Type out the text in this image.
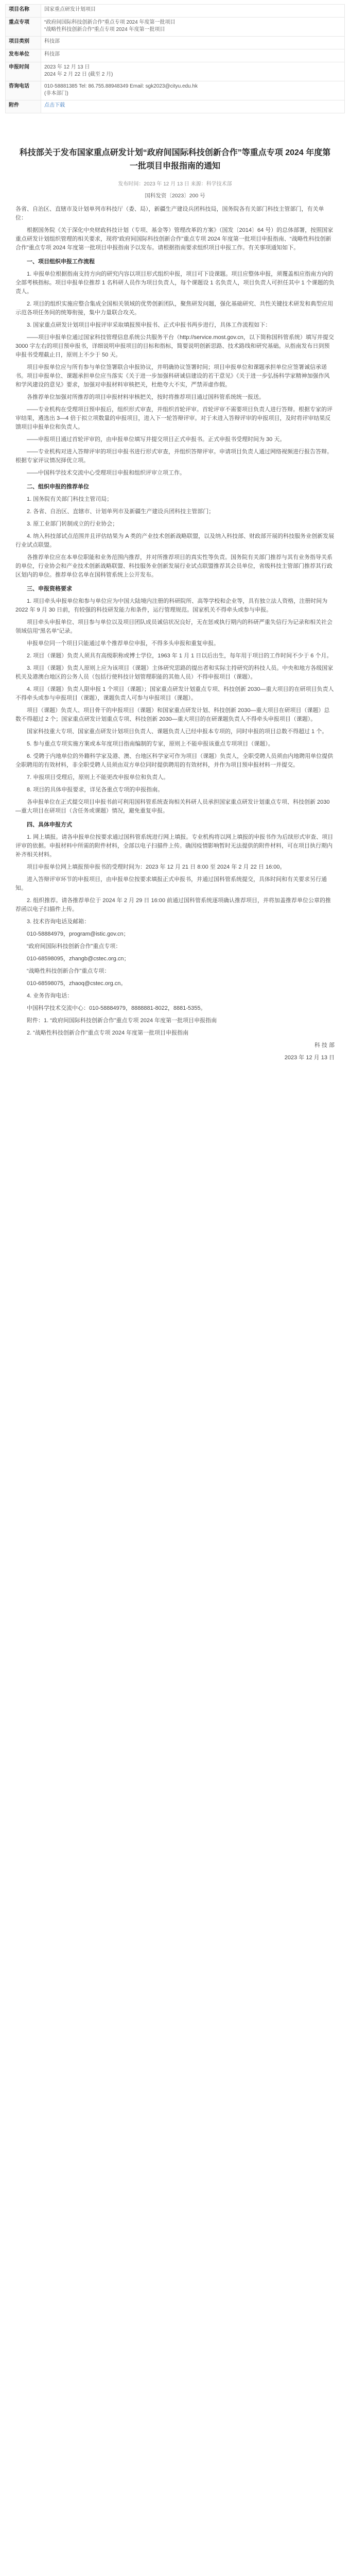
项目名称	国家重点研发计划项目
重点专项	“政府间国际科技创新合作”重点专项 2024 年度第一批项目
“战略性科技创新合作”重点专项 2024 年度第一批项目
项目类别	科技部
发布单位	科技部
申报时间	2023 年 12 月 13 日
2024 年 2 月 22 日 (截至 2 月)
咨询电话	010-58881385 Tel: 86.755.88948349 Email: sgk2023@cityu.edu.hk
(非本部门)
附件	点击下载
科技部关于发布国家重点研发计划“政府间国际科技创新合作”等重点专项 2024 年度第一批项目申报指南的通知
发布时间：2023 年 12 月 13 日 来源：科学技术部
国科发资〔2023〕200 号

各省、自治区、直辖市及计划单列市科技厅（委、局），新疆生产建设兵团科技局，国务院各有关部门科技主管部门，有关单位：

根据国务院《关于深化中央财政科技计划（专项、基金等）管理改革的方案》（国发〔2014〕64 号）的总体部署，按照国家重点研发计划组织管理的相关要求，现将“政府间国际科技创新合作”重点专项 2024 年度第一批项目申报指南、“战略性科技创新合作”重点专项 2024 年度第一批项目申报指南予以发布。请根据指南要求组织项目申报工作。有关事项通知如下。

一、项目组织申报工作流程

1. 申报单位根据指南支持方向的研究内容以项目形式组织申报，项目可下设课题。项目应整体申报，须覆盖相应指南方向的全部考核指标。项目申报单位推荐 1 名科研人员作为项目负责人，每个课题设 1 名负责人，项目负责人可担任其中 1 个课题的负责人。

2. 项目的组织实施应整合集成全国相关领域的优势创新团队，聚焦研发问题，强化基础研究、共性关键技术研发和典型应用示范各项任务间的统筹衔接，集中力量联合攻关。

3. 国家重点研发计划项目申报评审采取填报预申报书、正式申报书两步进行，具体工作流程如下：

——项目申报单位通过国家科技管理信息系统公共服务平台（http://service.most.gov.cn，以下简称国科管系统）填写并提交 3000 字左右的项目预申报书，详细说明申报项目的目标和指标，简要说明创新思路、技术路线和研究基础。从指南发布日到预申报书受理截止日，原则上不少于 50 天。

项目申报单位应与所有参与单位签署联合申报协议，并明确协议签署时间；项目申报单位和课题承担单位应签署诚信承诺书。项目申报单位、课题承担单位应当落实《关于进一步加强科研诚信建设的若干意见》《关于进一步弘扬科学家精神加强作风和学风建设的意见》要求，加强对申报材料审核把关，杜绝夸大不实，严禁弄虚作假。

各推荐单位加强对所推荐的项目申报材料审核把关，按时将推荐项目通过国科管系统统一报送。

——专业机构在受理项目预申报后，组织形式审查，并组织首轮评审。首轮评审不需要项目负责人进行答辩。根据专家的评审结果，遴选出 3—4 倍于拟立项数量的申报项目，进入下一轮答辩评审。对于未进入答辩评审的申报项目，及时将评审结果反馈项目申报单位和负责人。

——申报项目通过首轮评审的，由申报单位填写并提交项目正式申报书。正式申报书受理时间为 30 天。

——专业机构对进入答辩评审的项目申报书进行形式审查，并组织答辩评审。申请项目负责人通过网络视频进行报告答辩。根据专家评议情况择优立项。

——中国科学技术交流中心受理项目申报和组织评审立项工作。

二、组织申报的推荐单位

1. 国务院有关部门科技主管司局；

2. 各省、自治区、直辖市、计划单列市及新疆生产建设兵团科技主管部门；

3. 原工业部门转制成立的行业协会；

4. 纳入科技部试点范围并且评估结果为 A 类的产业技术创新战略联盟，以及纳入科技部、财政部开展的科技服务业创新发展行业试点联盟。

各推荐单位应在本单位职能和业务范围内推荐，并对所推荐项目的真实性等负责。国务院有关部门推荐与其有业务指导关系的单位，行业协会和产业技术创新战略联盟、科技服务业创新发展行业试点联盟推荐其会员单位，省级科技主管部门推荐其行政区划内的单位。推荐单位名单在国科管系统上公开发布。

三、申报资格要求

1. 项目牵头申报单位和参与单位应为中国大陆境内注册的科研院所、高等学校和企业等，具有独立法人资格，注册时间为 2022 年 9 月 30 日前，有较强的科技研发能力和条件，运行管理规范。国家机关不得牵头或参与申报。

项目牵头申报单位、项目参与单位以及项目团队成员诚信状况良好，无在惩戒执行期内的科研严重失信行为记录和相关社会领域信用“黑名单”记录。

申报单位同一个项目只能通过单个推荐单位申报，不得多头申报和重复申报。

2. 项目（课题）负责人须具有高级职称或博士学位，1963 年 1 月 1 日以后出生，每年用于项目的工作时间不少于 6 个月。

3. 项目（课题）负责人原则上应为该项目（课题）主体研究思路的提出者和实际主持研究的科技人员。中央和地方各级国家机关及港澳台地区的公务人员（包括行使科技计划管理职能的其他人员）不得申报项目（课题）。

4. 项目（课题）负责人限申报 1 个项目（课题）；国家重点研发计划重点专项、科技创新 2030—重大项目的在研项目负责人不得牵头或参与申报项目（课题），课题负责人可参与申报项目（课题）。

项目（课题）负责人、项目骨干的申报项目（课题）和国家重点研发计划、科技创新 2030—重大项目在研项目（课题）总数不得超过 2 个；国家重点研发计划重点专项、科技创新 2030—重大项目的在研课题负责人不得牵头申报项目（课题）。

国家科技重大专项、国家重点研发计划项目负责人、课题负责人已经申报本专项的，同时申报的项目总数不得超过 1 个。

5. 参与重点专项实施方案或本年度项目指南编制的专家，原则上不能申报该重点专项项目（课题）。

6. 受聘于内地单位的外籍科学家及港、澳、台地区科学家可作为项目（课题）负责人，全职受聘人员须由内地聘用单位提供全职聘用的有效材料，非全职受聘人员须由双方单位同时提供聘用的有效材料，并作为项目预申报材料一并提交。

7. 申报项目受理后，原则上不能更改申报单位和负责人。

8. 项目的具体申报要求，详见各重点专项的申报指南。

各申报单位在正式提交项目申报书前可利用国科管系统查询相关科研人员承担国家重点研发计划重点专项、科技创新 2030—重大项目在研项目（含任务或课题）情况，避免重复申报。

四、具体申报方式

1. 网上填报。请各申报单位按要求通过国科管系统进行网上填报。专业机构将以网上填报的申报书作为后续形式审查、项目评审的依据。申报材料中所需的附件材料，全部以电子扫描件上传。确因疫情影响暂时无法提供的附件材料，可在项目执行期内补齐相关材料。

项目申报单位网上填报预申报书的受理时间为：2023 年 12 月 21 日 8:00 至 2024 年 2 月 22 日 16:00。

进入答辩评审环节的申报项目，由申报单位按要求填报正式申报书，并通过国科管系统提交，具体时间和有关要求另行通知。

2. 组织推荐。请各推荐单位于 2024 年 2 月 29 日 16:00 前通过国科管系统逐项确认推荐项目，并将加盖推荐单位公章的推荐函以电子扫描件上传。

3. 技术咨询电话及邮箱：

010-58884979，program@istic.gov.cn；

“政府间国际科技创新合作”重点专项：

010-68598095，zhangb@cstec.org.cn；

“战略性科技创新合作”重点专项：

010-68598075，zhaoq@cstec.org.cn。

4. 业务咨询电话：

中国科学技术交流中心：010-58884979，8888881-8022，8881-5355。

附件：1. “政府间国际科技创新合作”重点专项 2024 年度第一批项目申报指南

2. “战略性科技创新合作”重点专项 2024 年度第一批项目申报指南

科 技 部

2023 年 12 月 13 日
